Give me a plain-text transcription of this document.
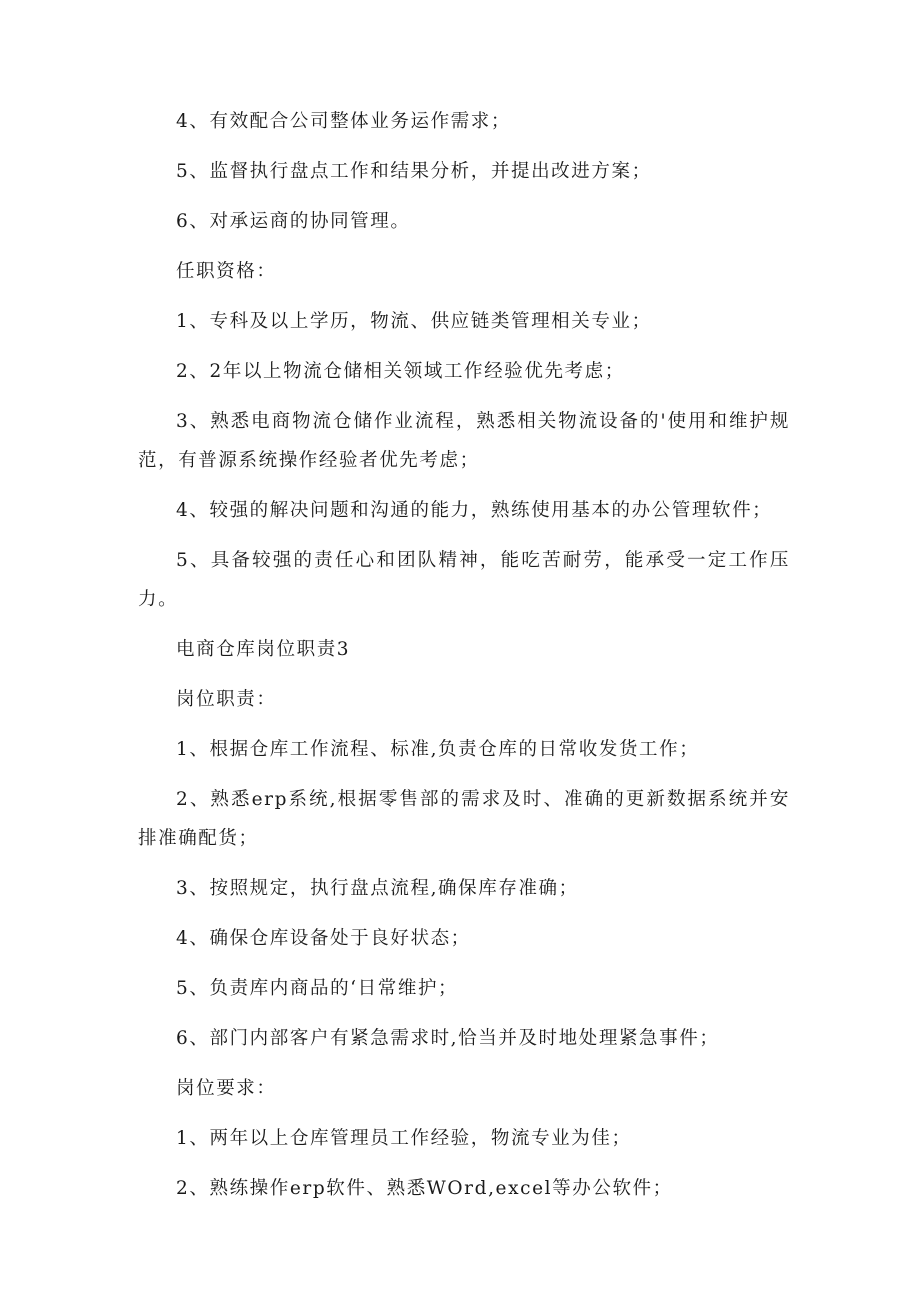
4、有效配合公司整体业务运作需求；

5、监督执行盘点工作和结果分析，并提出改进方案；

6、对承运商的协同管理。

任职资格：

1、专科及以上学历，物流、供应链类管理相关专业；

2、2年以上物流仓储相关领域工作经验优先考虑；

3、熟悉电商物流仓储作业流程，熟悉相关物流设备的'使用和维护规范，有普源系统操作经验者优先考虑；

4、较强的解决问题和沟通的能力，熟练使用基本的办公管理软件；

5、具备较强的责任心和团队精神，能吃苦耐劳，能承受一定工作压力。

电商仓库岗位职责3

岗位职责：

1、根据仓库工作流程、标准,负责仓库的日常收发货工作；

2、熟悉erp系统,根据零售部的需求及时、准确的更新数据系统并安排准确配货；

3、按照规定，执行盘点流程,确保库存准确；

4、确保仓库设备处于良好状态；

5、负责库内商品的‘日常维护；

6、部门内部客户有紧急需求时,恰当并及时地处理紧急事件；

岗位要求：

1、两年以上仓库管理员工作经验，物流专业为佳；

2、熟练操作erp软件、熟悉WOrd,excel等办公软件；
